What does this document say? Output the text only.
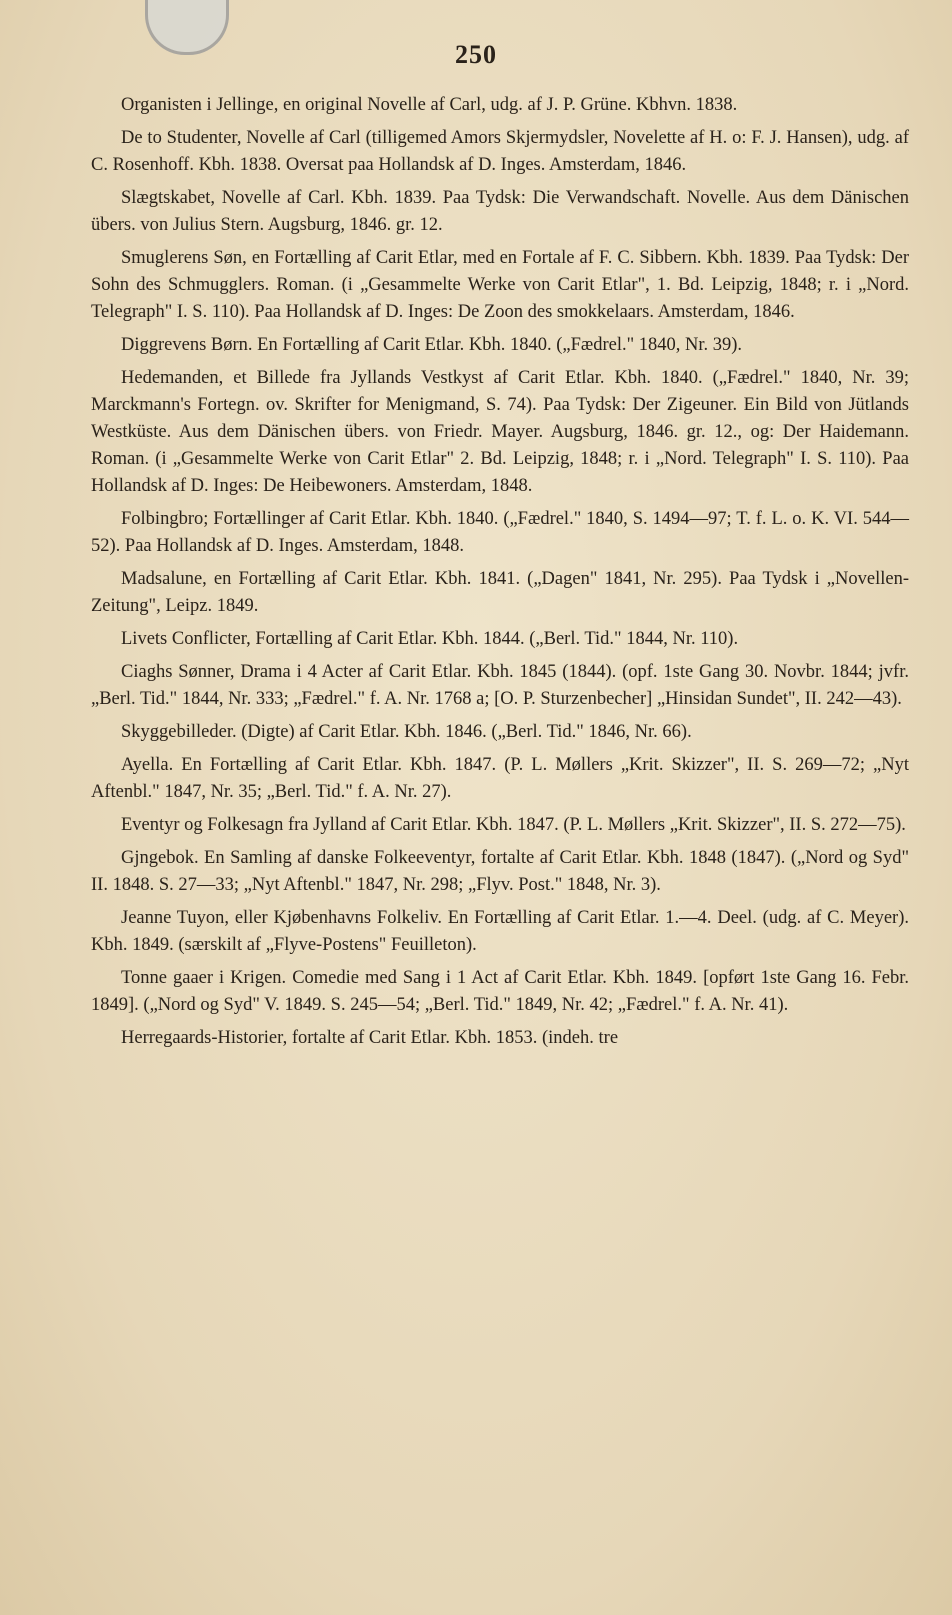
250

Organisten i Jellinge, en original Novelle af Carl, udg. af J. P. Grüne. Kbhvn. 1838.

De to Studenter, Novelle af Carl (tilligemed Amors Skjermydsler, Novelette af H. o: F. J. Hansen), udg. af C. Rosenhoff. Kbh. 1838. Oversat paa Hollandsk af D. Inges. Amsterdam, 1846.

Slægtskabet, Novelle af Carl. Kbh. 1839. Paa Tydsk: Die Verwandschaft. Novelle. Aus dem Dänischen übers. von Julius Stern. Augsburg, 1846. gr. 12.

Smuglerens Søn, en Fortælling af Carit Etlar, med en Fortale af F. C. Sibbern. Kbh. 1839. Paa Tydsk: Der Sohn des Schmugglers. Roman. (i „Gesammelte Werke von Carit Etlar", 1. Bd. Leipzig, 1848; r. i „Nord. Telegraph" I. S. 110). Paa Hollandsk af D. Inges: De Zoon des smokkelaars. Amsterdam, 1846.

Diggrevens Børn. En Fortælling af Carit Etlar. Kbh. 1840. („Fædrel." 1840, Nr. 39).

Hedemanden, et Billede fra Jyllands Vestkyst af Carit Etlar. Kbh. 1840. („Fædrel." 1840, Nr. 39; Marckmann's Fortegn. ov. Skrifter for Menigmand, S. 74). Paa Tydsk: Der Zigeuner. Ein Bild von Jütlands Westküste. Aus dem Dänischen übers. von Friedr. Mayer. Augsburg, 1846. gr. 12., og: Der Haidemann. Roman. (i „Gesammelte Werke von Carit Etlar" 2. Bd. Leipzig, 1848; r. i „Nord. Telegraph" I. S. 110). Paa Hollandsk af D. Inges: De Heibewoners. Amsterdam, 1848.

Folbingbro; Fortællinger af Carit Etlar. Kbh. 1840. („Fædrel." 1840, S. 1494—97; T. f. L. o. K. VI. 544—52). Paa Hollandsk af D. Inges. Amsterdam, 1848.

Madsalune, en Fortælling af Carit Etlar. Kbh. 1841. („Dagen" 1841, Nr. 295). Paa Tydsk i „Novellen-Zeitung", Leipz. 1849.

Livets Conflicter, Fortælling af Carit Etlar. Kbh. 1844. („Berl. Tid." 1844, Nr. 110).

Ciaghs Sønner, Drama i 4 Acter af Carit Etlar. Kbh. 1845 (1844). (opf. 1ste Gang 30. Novbr. 1844; jvfr. „Berl. Tid." 1844, Nr. 333; „Fædrel." f. A. Nr. 1768 a; [O. P. Sturzenbecher] „Hinsidan Sundet", II. 242—43).

Skyggebilleder. (Digte) af Carit Etlar. Kbh. 1846. („Berl. Tid." 1846, Nr. 66).

Ayella. En Fortælling af Carit Etlar. Kbh. 1847. (P. L. Møllers „Krit. Skizzer", II. S. 269—72; „Nyt Aftenbl." 1847, Nr. 35; „Berl. Tid." f. A. Nr. 27).

Eventyr og Folkesagn fra Jylland af Carit Etlar. Kbh. 1847. (P. L. Møllers „Krit. Skizzer", II. S. 272—75).

Gjngebok. En Samling af danske Folkeeventyr, fortalte af Carit Etlar. Kbh. 1848 (1847). („Nord og Syd" II. 1848. S. 27—33; „Nyt Aftenbl." 1847, Nr. 298; „Flyv. Post." 1848, Nr. 3).

Jeanne Tuyon, eller Kjøbenhavns Folkeliv. En Fortælling af Carit Etlar. 1.—4. Deel. (udg. af C. Meyer). Kbh. 1849. (særskilt af „Flyve-Postens" Feuilleton).

Tonne gaaer i Krigen. Comedie med Sang i 1 Act af Carit Etlar. Kbh. 1849. [opført 1ste Gang 16. Febr. 1849]. („Nord og Syd" V. 1849. S. 245—54; „Berl. Tid." 1849, Nr. 42; „Fædrel." f. A. Nr. 41).

Herregaards-Historier, fortalte af Carit Etlar. Kbh. 1853. (indeh. tre
